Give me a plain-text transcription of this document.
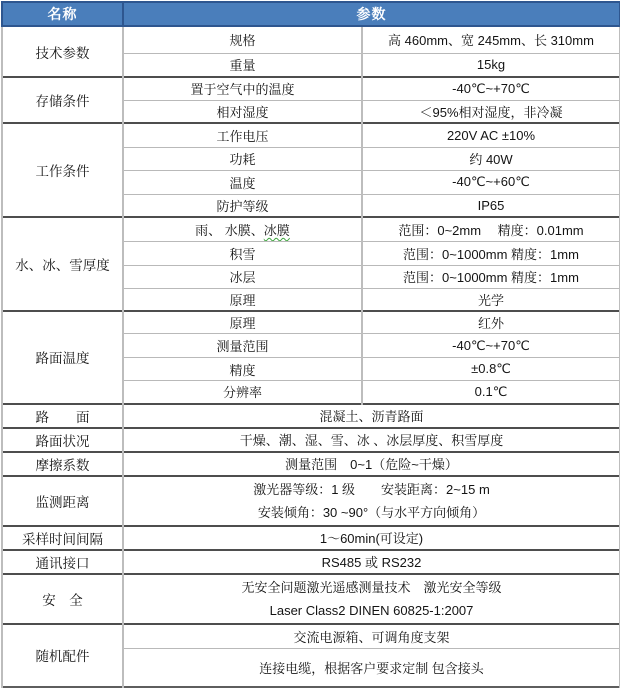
名称	参数	
技术参数	规格	高 460mm、宽 245mm、长 310mm
	重量	15kg
存储条件	置于空气中的温度	-40℃~+70℃
	相对湿度	＜95%相对湿度，非冷凝
工作条件	工作电压	220V AC ±10%
	功耗	约 40W
	温度	-40℃~+60℃
	防护等级	IP65
水、冰、雪厚度	雨、 水膜、冰膜	范围：0~2mm　 精度：0.01mm
	积雪	范围：0~1000mm 精度：1mm
	冰层	范围：0~1000mm 精度：1mm
	原理	光学
路面温度	原理	红外
	测量范围	-40℃~+70℃
	精度	±0.8℃
	分辨率	0.1℃
路　　面	混凝土、沥青路面	
路面状况	干燥、潮、湿、雪、冰 、冰层厚度、积雪厚度	
摩擦系数	测量范围　0~1（危险~干燥）	
监测距离	激光器等级：1 级　　安装距离：2~15 m
安装倾角：30 ~90°（与水平方向倾角）	

采样时间间隔	1～60min(可设定)	
通讯接口	RS485 或 RS232	
安　全	无安全问题激光遥感测量技术　激光安全等级
Laser Class2 DINEN 60825-1:2007	

随机配件	交流电源箱、可调角度支架	
	连接电缆，根据客户要求定制 包含接头	
